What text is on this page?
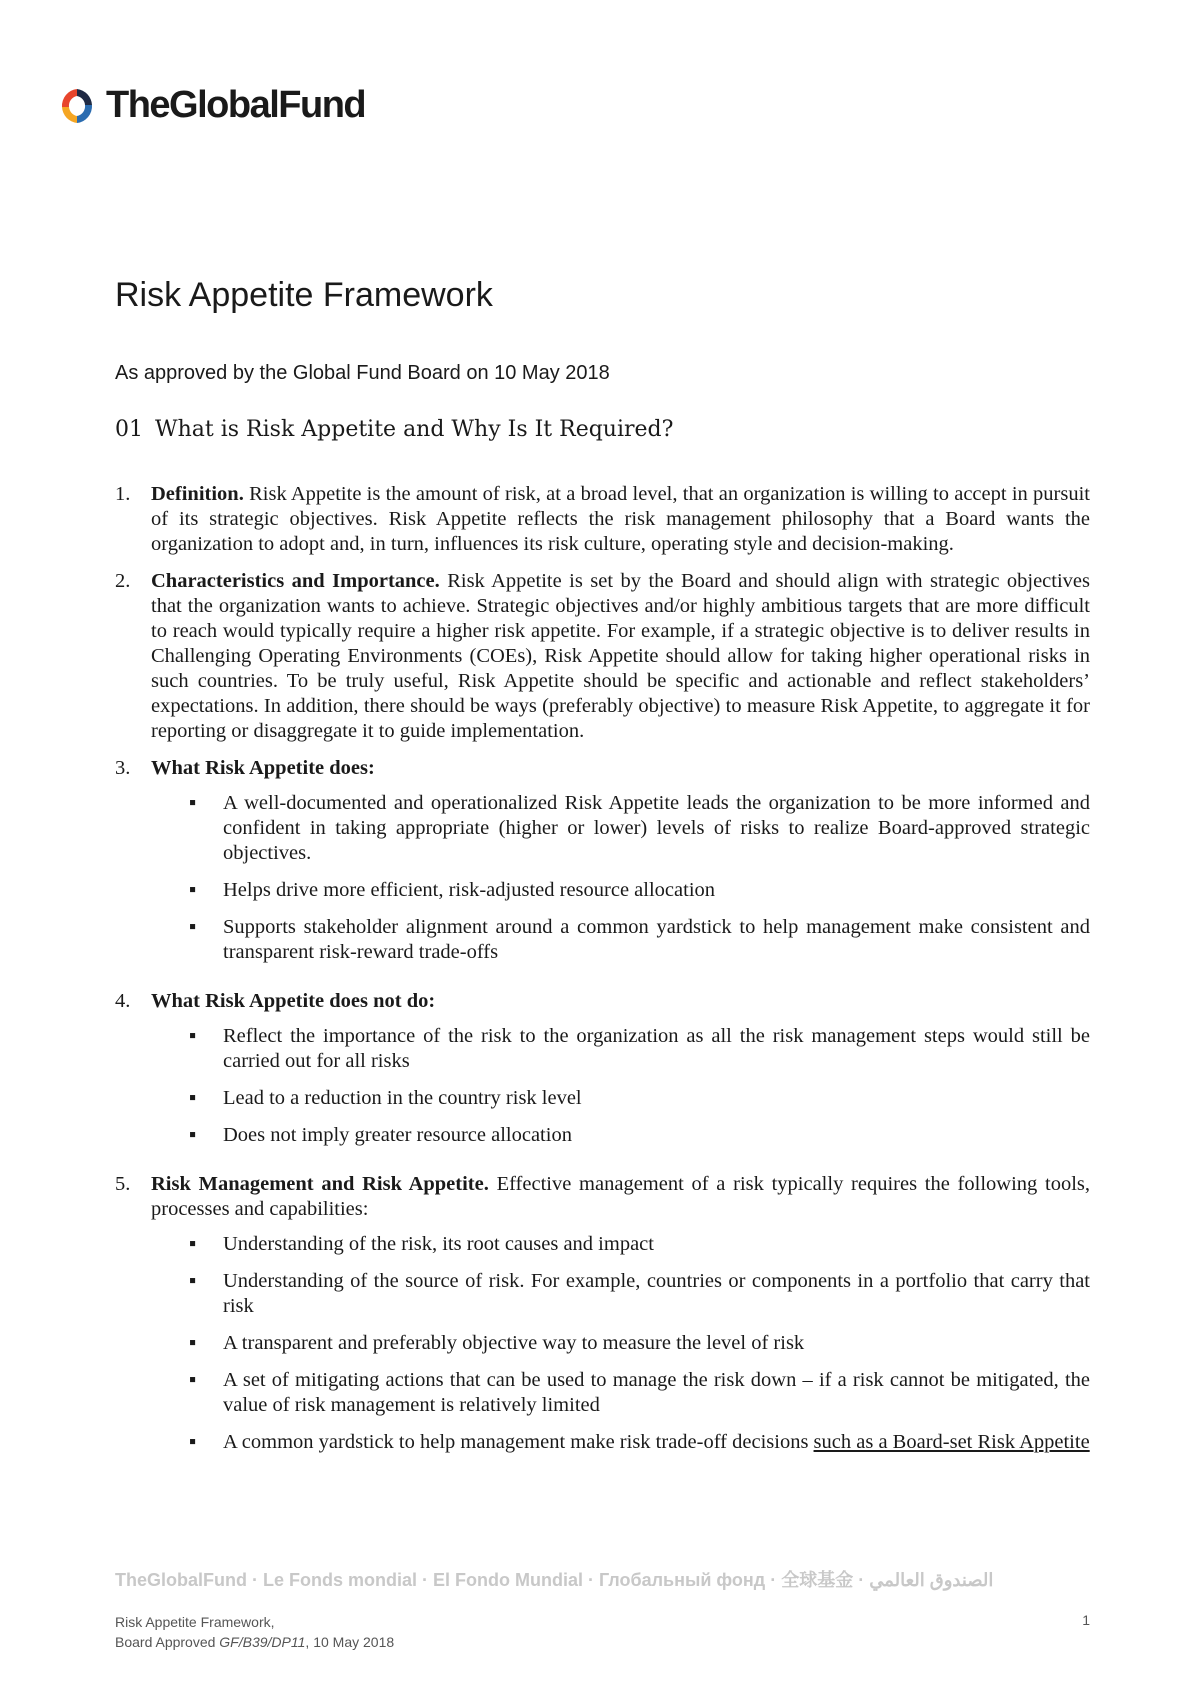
TheGlobalFund
Risk Appetite Framework
As approved by the Global Fund Board on 10 May 2018
01 What is Risk Appetite and Why Is It Required?
1.	Definition. Risk Appetite is the amount of risk, at a broad level, that an organization is willing to accept in pursuit of its strategic objectives. Risk Appetite reflects the risk management philosophy that a Board wants the organization to adopt and, in turn, influences its risk culture, operating style and decision-making.
2.	Characteristics and Importance. Risk Appetite is set by the Board and should align with strategic objectives that the organization wants to achieve. Strategic objectives and/or highly ambitious targets that are more difficult to reach would typically require a higher risk appetite. For example, if a strategic objective is to deliver results in Challenging Operating Environments (COEs), Risk Appetite should allow for taking higher operational risks in such countries. To be truly useful, Risk Appetite should be specific and actionable and reflect stakeholders’ expectations. In addition, there should be ways (preferably objective) to measure Risk Appetite, to aggregate it for reporting or disaggregate it to guide implementation.
3.	What Risk Appetite does:
▪	A well-documented and operationalized Risk Appetite leads the organization to be more informed and confident in taking appropriate (higher or lower) levels of risks to realize Board-approved strategic objectives.
▪	Helps drive more efficient, risk-adjusted resource allocation
▪	Supports stakeholder alignment around a common yardstick to help management make consistent and transparent risk-reward trade-offs
4.	What Risk Appetite does not do:
▪	Reflect the importance of the risk to the organization as all the risk management steps would still be carried out for all risks
▪	Lead to a reduction in the country risk level
▪	Does not imply greater resource allocation
5.	Risk Management and Risk Appetite. Effective management of a risk typically requires the following tools, processes and capabilities:
▪	Understanding of the risk, its root causes and impact
▪	Understanding of the source of risk. For example, countries or components in a portfolio that carry that risk
▪	A transparent and preferably objective way to measure the level of risk
▪	A set of mitigating actions that can be used to manage the risk down – if a risk cannot be mitigated, the value of risk management is relatively limited
▪	A common yardstick to help management make risk trade-off decisions such as a Board-set Risk Appetite
TheGlobalFund · Le Fonds mondial · El Fondo Mundial · Глобальный фонд · 全球基金 · الصندوق العالمي
Risk Appetite Framework,
Board Approved GF/B39/DP11, 10 May 2018
1
